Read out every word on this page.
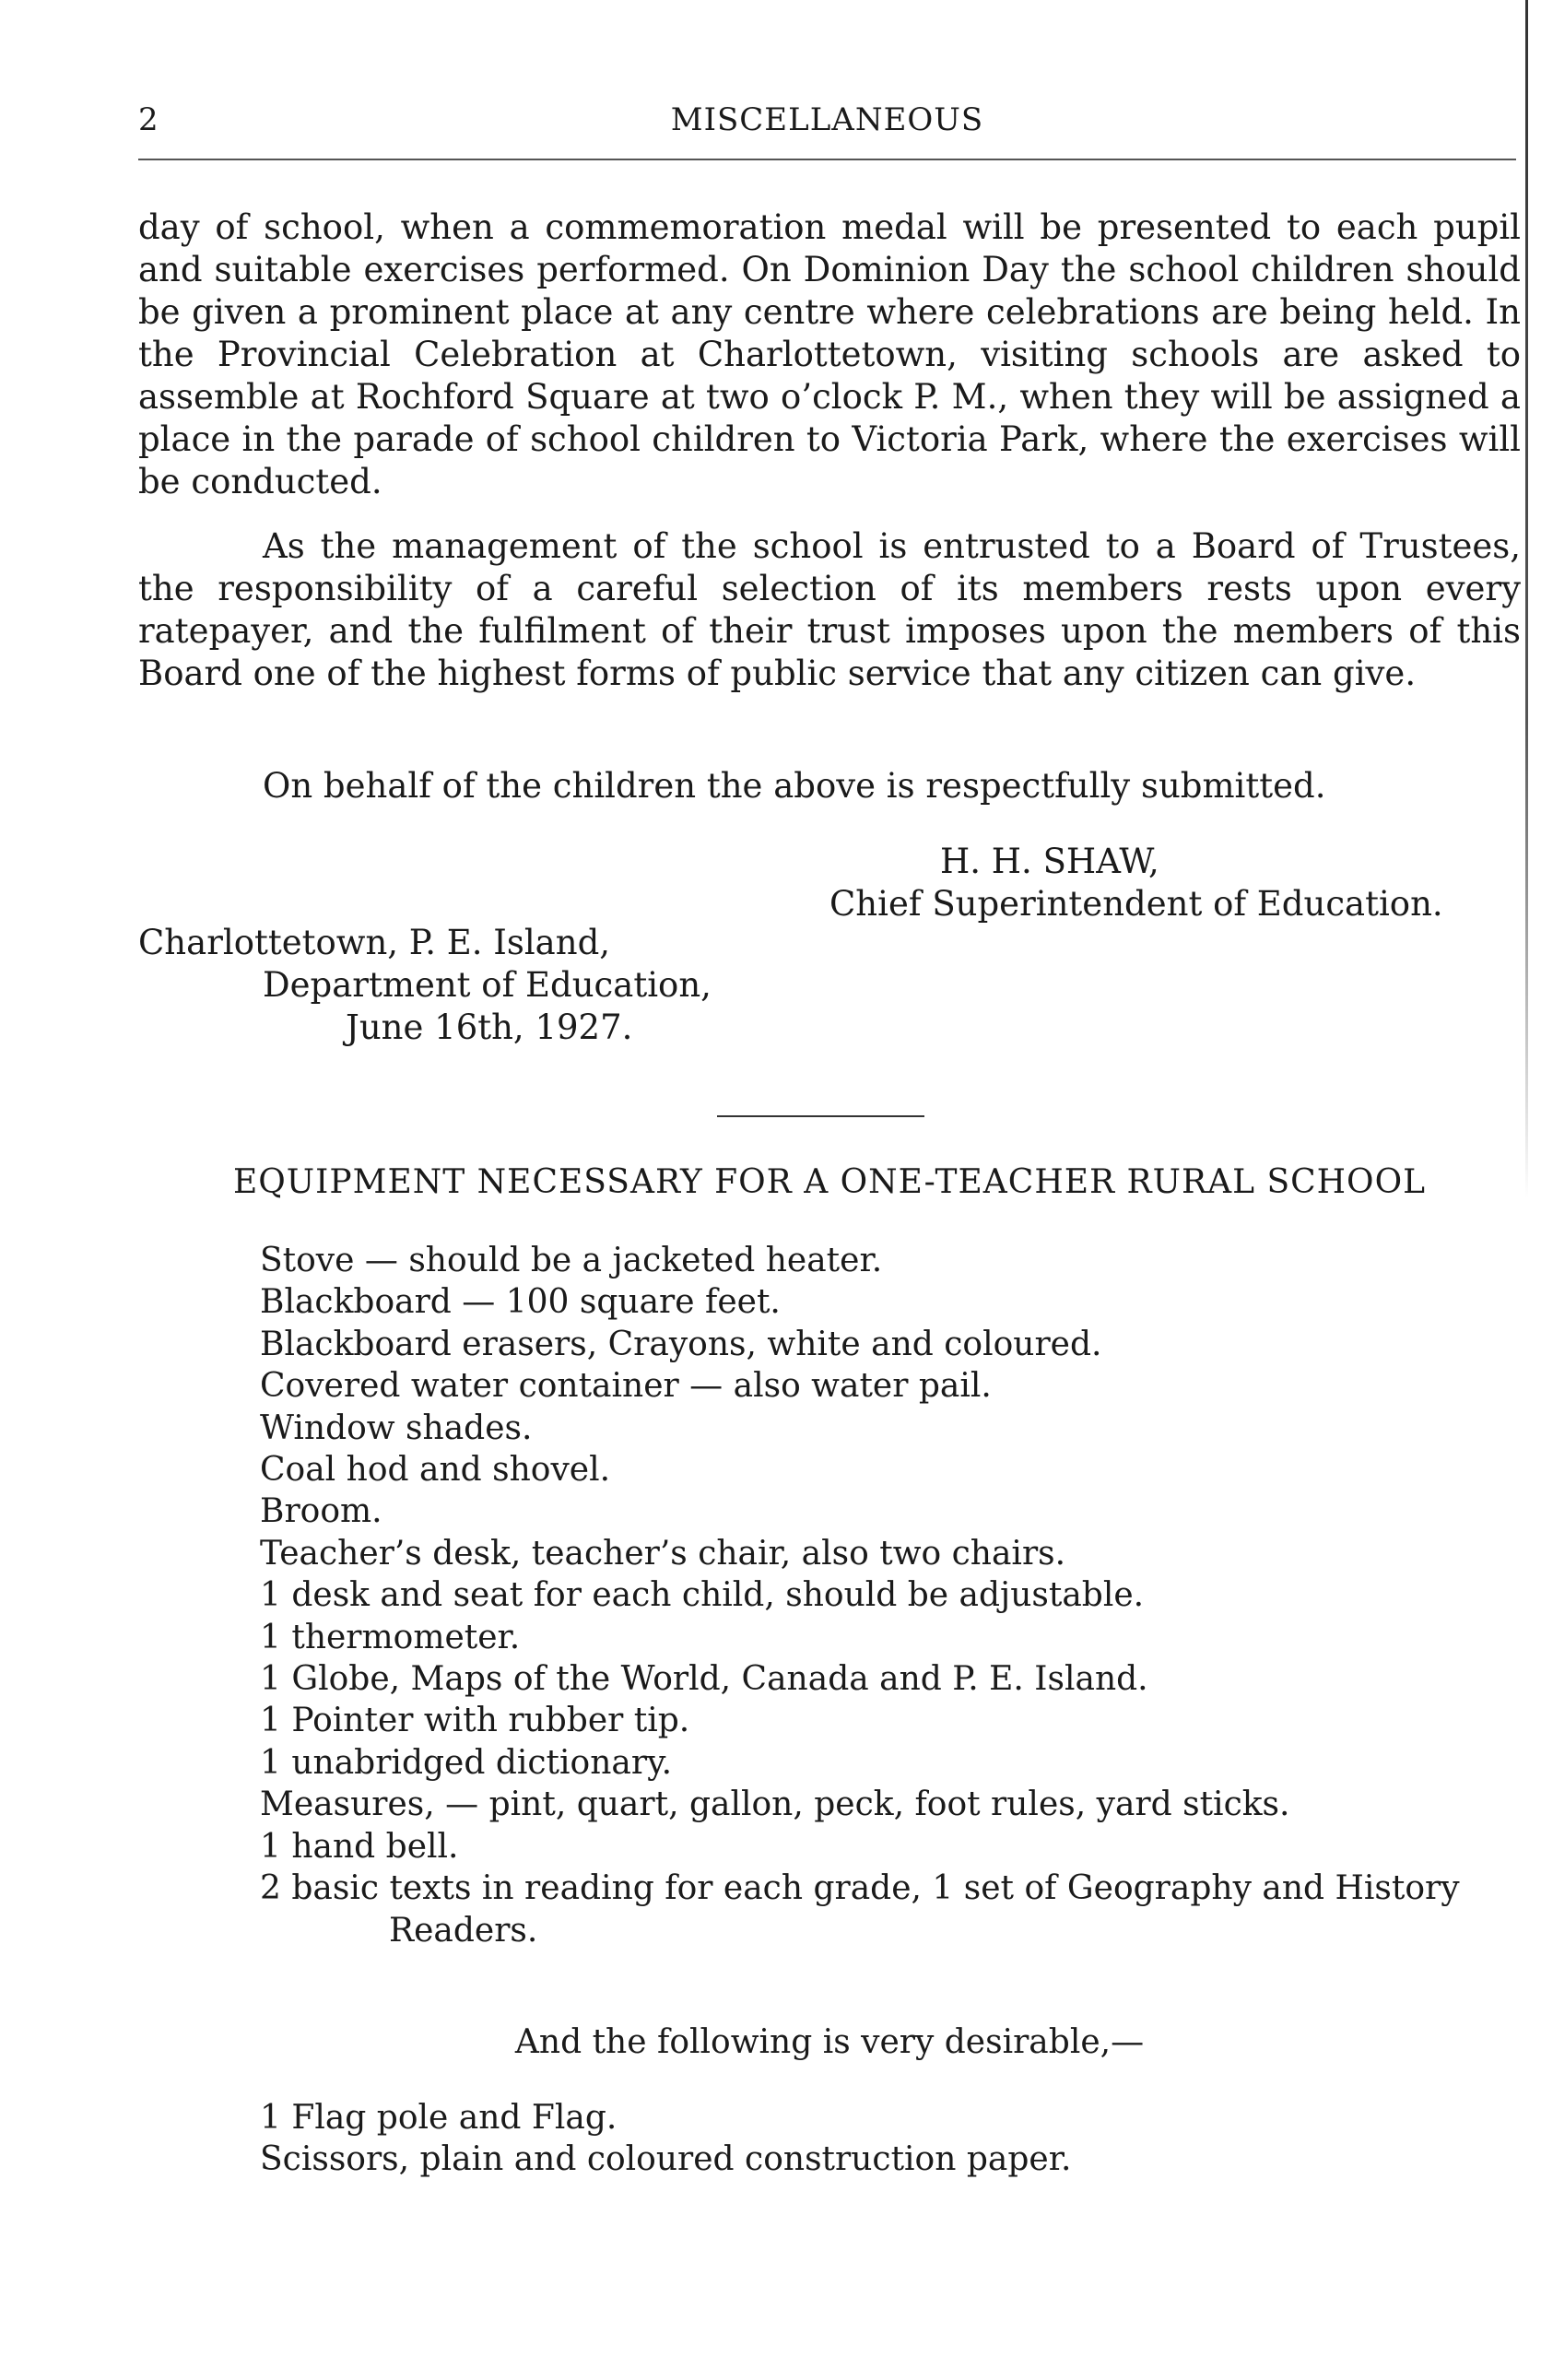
2	MISCELLANEOUS

day of school, when a commemoration medal will be presented to each pupil and suitable exercises performed. On Dominion Day the school children should be given a prominent place at any centre where celebrations are being held. In the Provincial Celebration at Charlottetown, visiting schools are asked to assemble at Rochford Square at two o’clock P. M., when they will be assigned a place in the parade of school children to Victoria Park, where the exercises will be conducted.

As the management of the school is entrusted to a Board of Trustees, the responsibility of a careful selection of its members rests upon every ratepayer, and the fulfilment of their trust imposes upon the members of this Board one of the highest forms of public service that any citizen can give.

On behalf of the children the above is respectfully submitted.

H. H. SHAW,
Chief Superintendent of Education.
Charlottetown, P. E. Island,
Department of Education,
June 16th, 1927.
EQUIPMENT NECESSARY FOR A ONE-TEACHER RURAL SCHOOL
Stove — should be a jacketed heater.
Blackboard — 100 square feet.
Blackboard erasers, Crayons, white and coloured.
Covered water container — also water pail.
Window shades.
Coal hod and shovel.
Broom.
Teacher’s desk, teacher’s chair, also two chairs.
1 desk and seat for each child, should be adjustable.
1 thermometer.
1 Globe, Maps of the World, Canada and P. E. Island.
1 Pointer with rubber tip.
1 unabridged dictionary.
Measures, — pint, quart, gallon, peck, foot rules, yard sticks.
1 hand bell.
2 basic texts in reading for each grade, 1 set of Geography and History Readers.
And the following is very desirable,—
1 Flag pole and Flag.
Scissors, plain and coloured construction paper.
